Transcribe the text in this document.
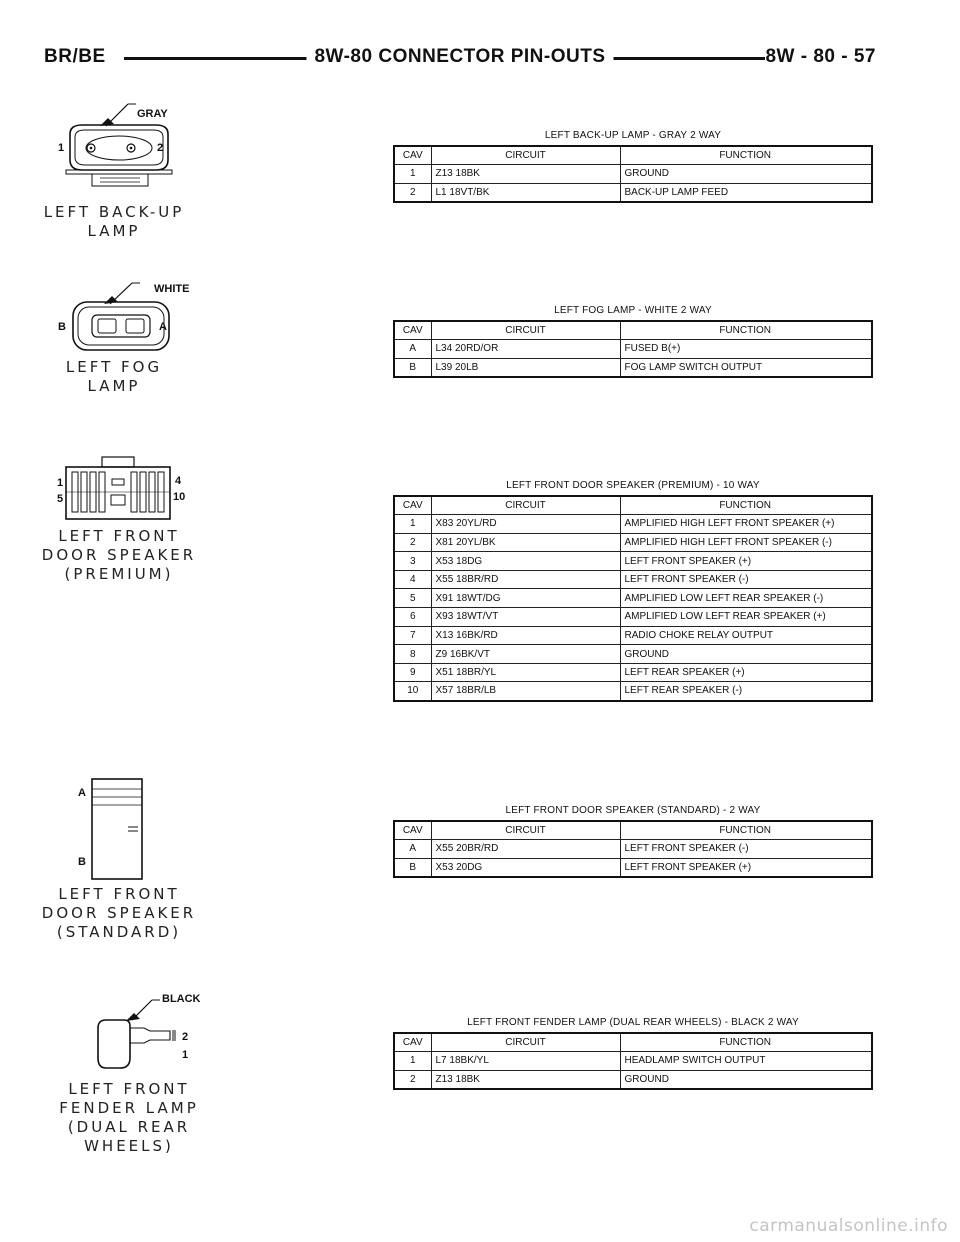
BR/BE	8W-80 CONNECTOR PIN-OUTS	8W - 80 - 57
GRAY
1	2
LEFT BACK-UP
LAMP
WHITE
B	A
LEFT FOG
LAMP
1
5
4
10
LEFT FRONT
DOOR SPEAKER
(PREMIUM)
A
B
LEFT FRONT
DOOR SPEAKER
(STANDARD)
BLACK
2
1
LEFT FRONT
FENDER LAMP
(DUAL REAR WHEELS)
LEFT BACK-UP LAMP - GRAY 2 WAY
CAV	CIRCUIT	FUNCTION
1	Z13 18BK	GROUND
2	L1 18VT/BK	BACK-UP LAMP FEED
LEFT FOG LAMP - WHITE 2 WAY
CAV	CIRCUIT	FUNCTION
A	L34 20RD/OR	FUSED B(+)
B	L39 20LB	FOG LAMP SWITCH OUTPUT
LEFT FRONT DOOR SPEAKER (PREMIUM) - 10 WAY
CAV	CIRCUIT	FUNCTION
1	X83 20YL/RD	AMPLIFIED HIGH LEFT FRONT SPEAKER (+)
2	X81 20YL/BK	AMPLIFIED HIGH LEFT FRONT SPEAKER (-)
3	X53 18DG	LEFT FRONT SPEAKER (+)
4	X55 18BR/RD	LEFT FRONT SPEAKER (-)
5	X91 18WT/DG	AMPLIFIED LOW LEFT REAR SPEAKER (-)
6	X93 18WT/VT	AMPLIFIED LOW LEFT REAR SPEAKER (+)
7	X13 16BK/RD	RADIO CHOKE RELAY OUTPUT
8	Z9 16BK/VT	GROUND
9	X51 18BR/YL	LEFT REAR SPEAKER (+)
10	X57 18BR/LB	LEFT REAR SPEAKER (-)
LEFT FRONT DOOR SPEAKER (STANDARD) - 2 WAY
CAV	CIRCUIT	FUNCTION
A	X55 20BR/RD	LEFT FRONT SPEAKER (-)
B	X53 20DG	LEFT FRONT SPEAKER (+)
LEFT FRONT FENDER LAMP (DUAL REAR WHEELS) - BLACK 2 WAY
CAV	CIRCUIT	FUNCTION
1	L7 18BK/YL	HEADLAMP SWITCH OUTPUT
2	Z13 18BK	GROUND
carmanualsonline.info
